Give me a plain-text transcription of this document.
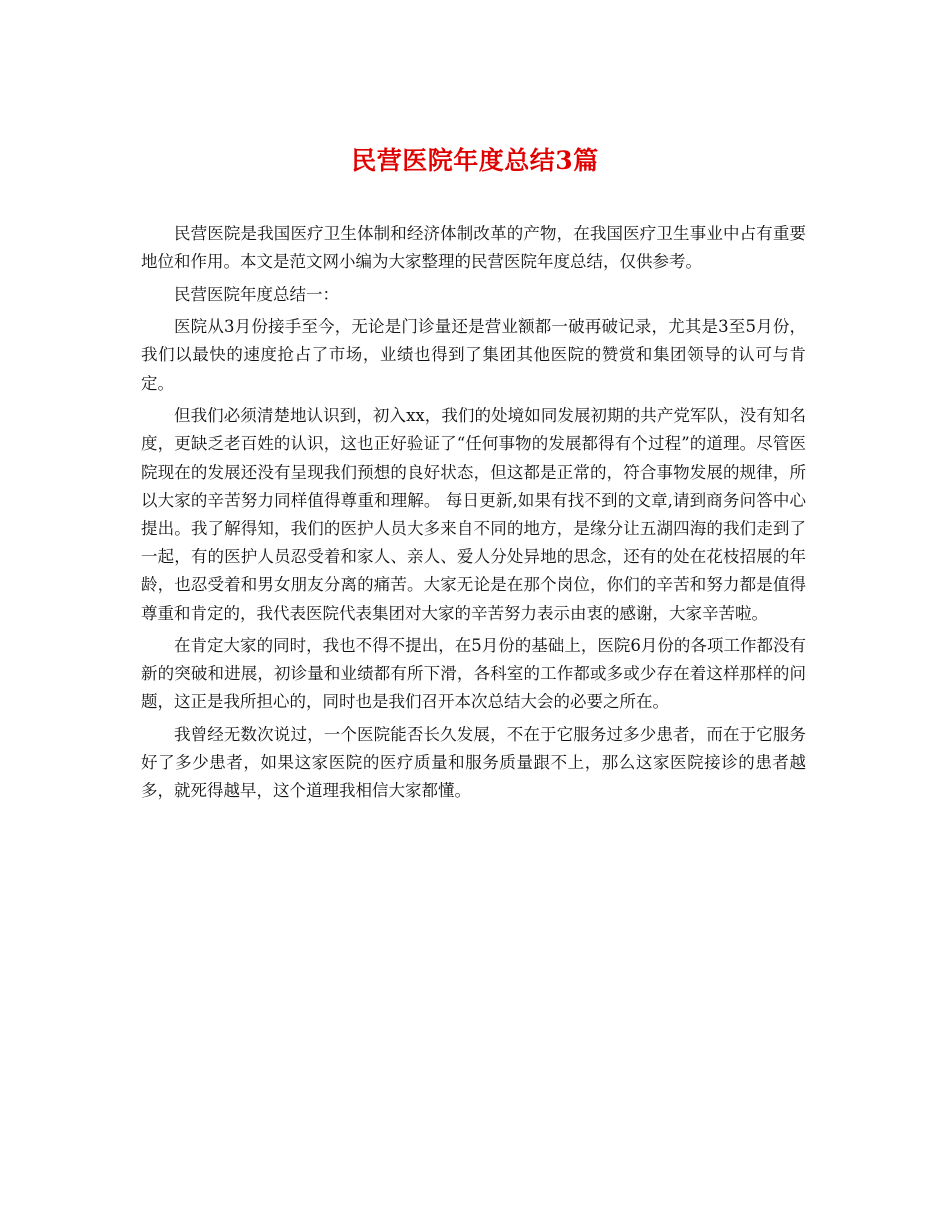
民营医院年度总结3篇

民营医院是我国医疗卫生体制和经济体制改革的产物，在我国医疗卫生事业中占有重要地位和作用。本文是范文网小编为大家整理的民营医院年度总结，仅供参考。

民营医院年度总结一：

医院从3月份接手至今，无论是门诊量还是营业额都一破再破记录，尤其是3至5月份，我们以最快的速度抢占了市场，业绩也得到了集团其他医院的赞赏和集团领导的认可与肯定。

但我们必须清楚地认识到，初入xx，我们的处境如同发展初期的共产党军队，没有知名度，更缺乏老百姓的认识，这也正好验证了“任何事物的发展都得有个过程”的道理。尽管医院现在的发展还没有呈现我们预想的良好状态，但这都是正常的，符合事物发展的规律，所以大家的辛苦努力同样值得尊重和理解。 每日更新,如果有找不到的文章,请到商务问答中心提出。我了解得知，我们的医护人员大多来自不同的地方，是缘分让五湖四海的我们走到了一起，有的医护人员忍受着和家人、亲人、爱人分处异地的思念，还有的处在花枝招展的年龄，也忍受着和男女朋友分离的痛苦。大家无论是在那个岗位，你们的辛苦和努力都是值得尊重和肯定的，我代表医院代表集团对大家的辛苦努力表示由衷的感谢，大家辛苦啦。

在肯定大家的同时，我也不得不提出，在5月份的基础上，医院6月份的各项工作都没有新的突破和进展，初诊量和业绩都有所下滑，各科室的工作都或多或少存在着这样那样的问题，这正是我所担心的，同时也是我们召开本次总结大会的必要之所在。

我曾经无数次说过，一个医院能否长久发展，不在于它服务过多少患者，而在于它服务好了多少患者，如果这家医院的医疗质量和服务质量跟不上，那么这家医院接诊的患者越多，就死得越早，这个道理我相信大家都懂。
